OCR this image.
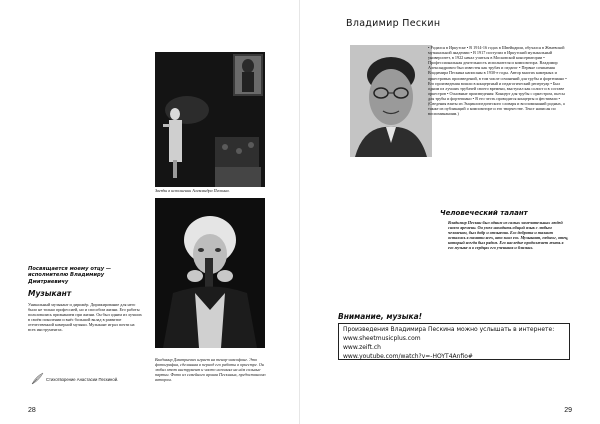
Звезды в исполнении Александра Пескина.
Владимир Дмитриевич играет на тенор-саксофоне. Это фотография, сделанная в период его работы в оркестре. Он любил этот инструмент и часто исполнял на нём сольные партии. Фото из семейного архива Пескиных, предоставлено автором.
Посвящается моему отцу — исполнителю Владимиру Дмитриевичу
Музыкант
Уникальный музыкант и дирижёр. Дирижирование для него было не только профессией, но и способом жизни. Его работы пользовались признанием при жизни. Он был одним из лучших в своём поколении и внёс большой вклад в развитие отечественной камерной музыки. Музыкант играл почти на всех инструментах.
Стихотворение Анастасии Пескиной.
28
Владимир Пескин
• Родился в Иркутске • В 1914-16 годах в Швейцарии, обучался в Женевской музыкальной академии • В 1917 поступил в Иркутский музыкальный университет, в 1922 начал учиться в Московской консерватории • Профессиональная деятельность исполнителя и композитора. Владимир Александрович был известен как трубач и педагог • Первые сочинения Владимира Пескина написаны в 1930-е годы. Автор многих камерных и оркестровых произведений, в том числе сочинений для трубы и фортепиано • Его произведения вошли в концертный и педагогический репертуар • Был одним из лучших трубачей своего времени, выступал как солист и в составе оркестров • Основные произведения: Концерт для трубы с оркестром, пьесы для трубы и фортепиано • В его честь проводятся концерты и фестивали • (Сведения взяты из Энциклопедического словаря и воспоминаний родных, а также из публикаций о композиторе и его творчестве. Текст написан по воспоминаниям.)
Человеческий талант
Владимир Пескин был одним из самых замечательных людей своего времени. Он умел находить общий язык с любым человеком, был добр и отзывчив. Его доброта и талант остались в памяти всех, кто знал его. Музыкант, педагог, отец, который всегда был рядом. Его наследие продолжает жить в его музыке и в сердцах его учеников и близких.
Внимание, музыка!
Произведения Владимира Пескина можно услышать в интернете:
www.sheetmusicplus.com
www.zeift.ch
www.youtube.com/watch?v=-HOYT4Anfio#
29
